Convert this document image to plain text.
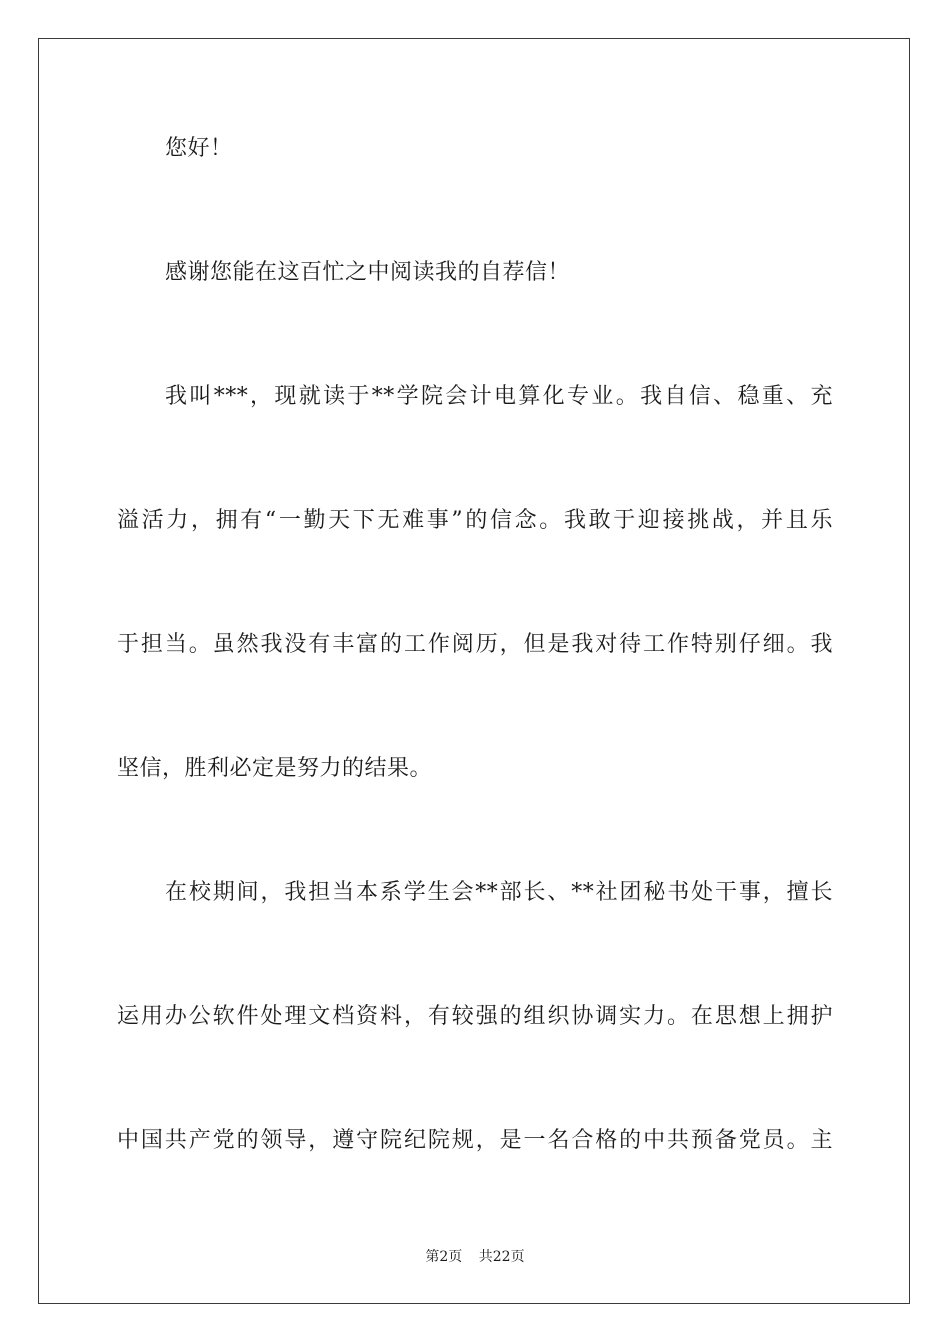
您好！
感谢您能在这百忙之中阅读我的自荐信！
我叫***，现就读于**学院会计电算化专业。我自信、稳重、充
溢活力，拥有“一勤天下无难事”的信念。我敢于迎接挑战，并且乐
于担当。虽然我没有丰富的工作阅历，但是我对待工作特别仔细。我
坚信，胜利必定是努力的结果。
在校期间，我担当本系学生会**部长、**社团秘书处干事，擅长
运用办公软件处理文档资料，有较强的组织协调实力。在思想上拥护
中国共产党的领导，遵守院纪院规，是一名合格的中共预备党员。主
第2页 共22页
